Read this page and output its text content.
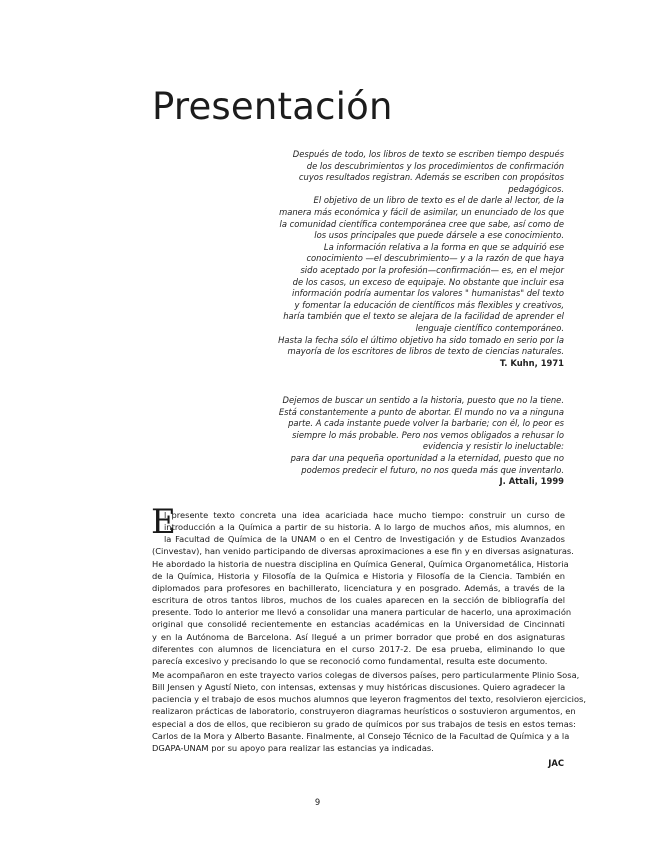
Presentación
Después de todo, los libros de texto se escriben tiempo después
de los descubrimientos y los procedimientos de confirmación
cuyos resultados registran. Además se escriben con propósitos
pedagógicos.
El objetivo de un libro de texto es el de darle al lector, de la
manera más económica y fácil de asimilar, un enunciado de los que
la comunidad científica contemporánea cree que sabe, así como de
los usos principales que puede dársele a ese conocimiento.
La información relativa a la forma en que se adquirió ese
conocimiento —el descubrimiento— y a la razón de que haya
sido aceptado por la profesión—confirmación— es, en el mejor
de los casos, un exceso de equipaje. No obstante que incluir esa
información podría aumentar los valores " humanistas" del texto
y fomentar la educación de científicos más flexibles y creativos,
haría también que el texto se alejara de la facilidad de aprender el
lenguaje científico contemporáneo.
Hasta la fecha sólo el último objetivo ha sido tomado en serio por la
mayoría de los escritores de libros de texto de ciencias naturales.
T. Kuhn, 1971
Dejemos de buscar un sentido a la historia, puesto que no la tiene.
Está constantemente a punto de abortar. El mundo no va a ninguna
parte. A cada instante puede volver la barbarie; con él, lo peor es
siempre lo más probable. Pero nos vemos obligados a rehusar lo
evidencia y resistir lo ineluctable:
para dar una pequeña oportunidad a la eternidad, puesto que no
podemos predecir el futuro, no nos queda más que inventarlo.
J. Attali, 1999
E
l presente texto concreta una idea acariciada hace mucho tiempo: construir un curso de
introducción a la Química a partir de su historia. A lo largo de muchos años, mis alumnos, en
la Facultad de Química de la UNAM o en el Centro de Investigación y de Estudios Avanzados
(Cinvestav), han venido participando de diversas aproximaciones a ese fin y en diversas asignaturas.
He abordado la historia de nuestra disciplina en Química General, Química Organometálica, Historia
de la Química, Historia y Filosofía de la Química e Historia y Filosofía de la Ciencia. También en
diplomados para profesores en bachillerato, licenciatura y en posgrado. Además, a través de la
escritura de otros tantos libros, muchos de los cuales aparecen en la sección de bibliografía del
presente. Todo lo anterior me llevó a consolidar una manera particular de hacerlo, una aproximación
original que consolidé recientemente en estancias académicas en la Universidad de Cincinnati
y en la Autónoma de Barcelona. Así llegué a un primer borrador que probé en dos asignaturas
diferentes con alumnos de licenciatura en el curso 2017-2. De esa prueba, eliminando lo que
parecía excesivo y precisando lo que se reconoció como fundamental, resulta este documento.
Me acompañaron en este trayecto varios colegas de diversos países, pero particularmente Plinio Sosa,
Bill Jensen y Agustí Nieto, con intensas, extensas y muy históricas discusiones. Quiero agradecer la
paciencia y el trabajo de esos muchos alumnos que leyeron fragmentos del texto, resolvieron ejercicios,
realizaron prácticas de laboratorio, construyeron diagramas heurísticos o sostuvieron argumentos, en
especial a dos de ellos, que recibieron su grado de químicos por sus trabajos de tesis en estos temas:
Carlos de la Mora y Alberto Basante. Finalmente, al Consejo Técnico de la Facultad de Química y a la
DGAPA-UNAM por su apoyo para realizar las estancias ya indicadas.
JAC
9
